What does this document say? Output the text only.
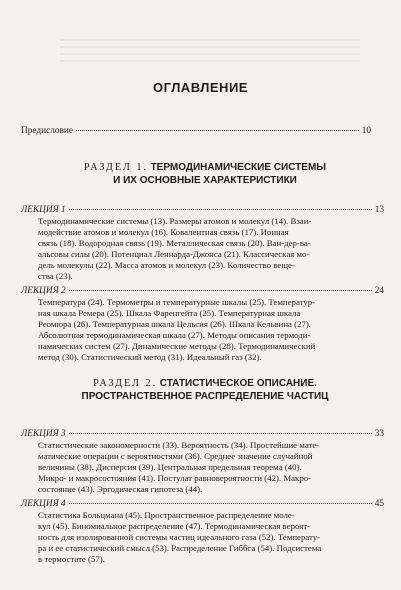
ОГЛАВЛЕНИЕ
Предисловие	10
РАЗДЕЛ 1. ТЕРМОДИНАМИЧЕСКИЕ СИСТЕМЫ
И ИХ ОСНОВНЫЕ ХАРАКТЕРИСТИКИ
ЛЕКЦИЯ 1	13

Термодинамические системы (13). Размеры атомов и молекул (14). Взаи-

модействие атомов и молекул (16). Ковалентная связь (17). Ионная

связь (18). Водородная связь (19). Металлическая связь (20). Ван-дер-ва-

альсовы силы (20). Потенциал Леннарда-Джонса (21). Классическая мо-

дель молекулы (22). Масса атомов и молекул (23). Количество веще-

ства (23).

ЛЕКЦИЯ 2	24

Температура (24). Термометры и температурные шкалы (25). Температур-

ная шкала Ремера (25). Шкала Фаренгейта (25). Температурная шкала

Реомюра (26). Температурная шкала Цельсия (26). Шкала Кельвина (27).

Абсолютная термодинамическая шкала (27). Методы описания термоди-

намических систем (27). Динамические методы (28). Термодинамический

метод (30). Статистический метод (31). Идеальный газ (32).

РАЗДЕЛ 2. СТАТИСТИЧЕСКОЕ ОПИСАНИЕ.
ПРОСТРАНСТВЕННОЕ РАСПРЕДЕЛЕНИЕ ЧАСТИЦ
ЛЕКЦИЯ 3	33

Статистические закономерности (33). Вероятность (34). Простейшие мате-

матические операции с вероятностями (36). Среднее значение случайной

величины (38). Дисперсия (39). Центральная предельная теорема (40).

Микро- и макросостояния (41). Постулат равновероятности (42). Макро-

состояние (43). Эргодическая гипотеза (44).

ЛЕКЦИЯ 4	45

Статистика Больцмана (45). Пространственное распределение моле-

кул (45). Биномиальное распределение (47). Термодинамическая вероят-

ность для изолированной системы частиц идеального газа (52). Температу-

ра и ее статистический смысл (53). Распределение Гиббса (54). Подсистема

в термостате (57).
